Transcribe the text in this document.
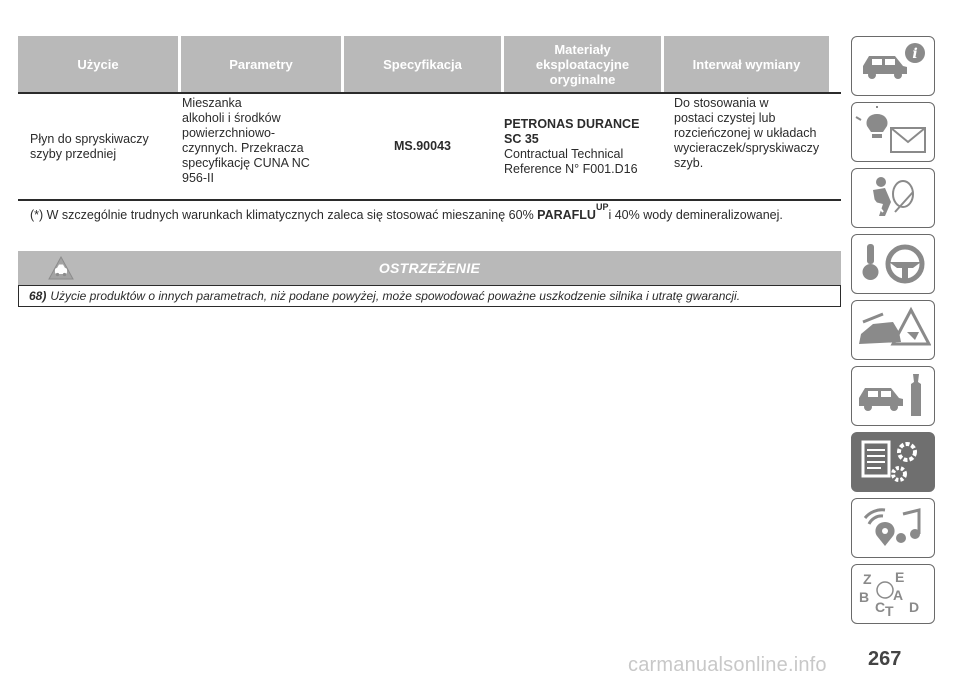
Użycie	Parametry	Specyfikacja
Materiały
eksploatacyjne
oryginalne
Interwał wymiany
Płyn do spryskiwaczy
szyby przedniej
Mieszanka
alkoholi i środków
powierzchniowo-
czynnych. Przekracza
specyfikację CUNA NC
956-II
MS.90043
PETRONAS DURANCE
SC 35
Contractual Technical
Reference N° F001.D16
Do stosowania w
postaci czystej lub
rozcieńczonej w układach
wycieraczek/spryskiwaczy
szyb.
(*) W szczególnie trudnych warunkach klimatycznych zaleca się stosować mieszaninę 60% $PARAFLU^{UP}i$ 40% wody demineralizowanej.
OSTRZEŻENIE
68) Użycie produktów o innych parametrach, niż podane powyżej, może spowodować poważne uszkodzenie silnika i utratę gwarancji.
i
Z E
B A
C T D
267
carmanualsonline.info
